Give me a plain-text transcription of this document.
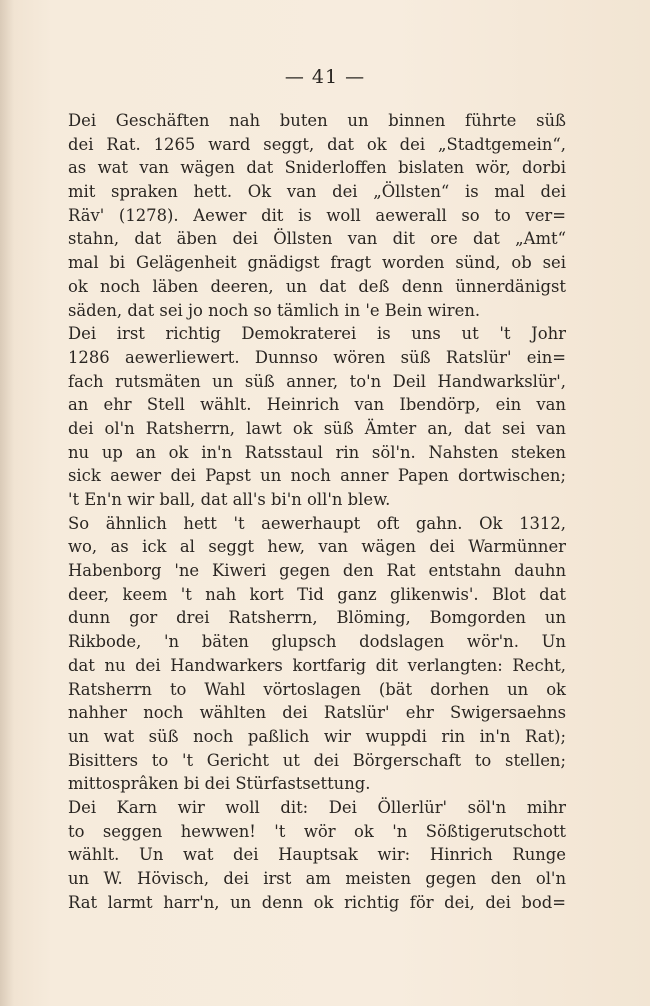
— 41 —
Dei Geschäften nah buten un binnen führte süß
dei Rat. 1265 ward seggt, dat ok dei „Stadtgemein“,
as wat van wägen dat Sniderloffen bislaten wör, dorbi
mit spraken hett. Ok van dei „Öllsten“ is mal dei
Räv' (1278). Aewer dit is woll aewerall so to ver=
stahn, dat äben dei Öllsten van dit ore dat „Amt“
mal bi Gelägenheit gnädigst fragt worden sünd, ob sei
ok noch läben deeren, un dat deß denn ünnerdänigst
säden, dat sei jo noch so tämlich in 'e Bein wiren.
Dei irst richtig Demokraterei is uns ut 't Johr
1286 aewerliewert. Dunnso wören süß Ratslür' ein=
fach rutsmäten un süß anner, to'n Deil Handwarkslür',
an ehr Stell wählt. Heinrich van Ibendörp, ein van
dei ol'n Ratsherrn, lawt ok süß Ämter an, dat sei van
nu up an ok in'n Ratsstaul rin söl'n. Nahsten steken
sick aewer dei Papst un noch anner Papen dortwischen;
't En'n wir ball, dat all's bi'n oll'n blew.
So ähnlich hett 't aewerhaupt oft gahn. Ok 1312,
wo, as ick al seggt hew, van wägen dei Warmünner
Habenborg 'ne Kiweri gegen den Rat entstahn dauhn
deer, keem 't nah kort Tid ganz glikenwis'. Blot dat
dunn gor drei Ratsherrn, Blöming, Bomgorden un
Rikbode, 'n bäten glupsch dodslagen wör'n. Un
dat nu dei Handwarkers kortfarig dit verlangten: Recht,
Ratsherrn to Wahl vörtoslagen (bät dorhen un ok
nahher noch wählten dei Ratslür' ehr Swigersaehns
un wat süß noch paßlich wir wuppdi rin in'n Rat);
Bisitters to 't Gericht ut dei Börgerschaft to stellen;
mittosprâken bi dei Stürfastsettung.
Dei Karn wir woll dit: Dei Öllerlür' söl'n mihr
to seggen hewwen! 't wör ok 'n Sößtigerutschott
wählt. Un wat dei Hauptsak wir: Hinrich Runge
un W. Hövisch, dei irst am meisten gegen den ol'n
Rat larmt harr'n, un denn ok richtig för dei, dei bod=
